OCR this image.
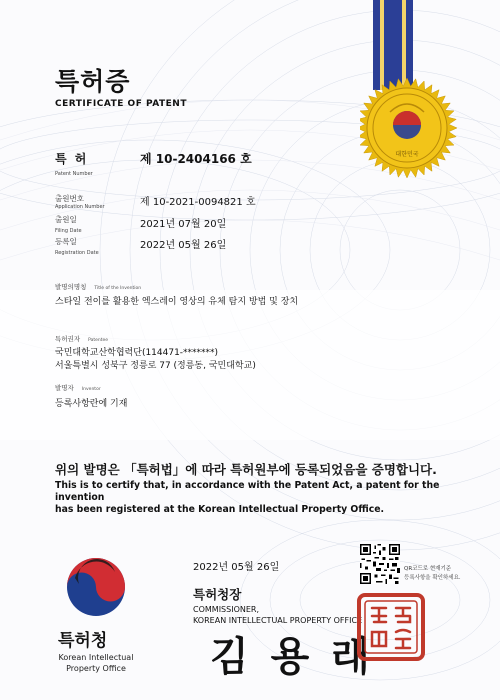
대한민국
특허증
CERTIFICATE OF PATENT
특 허
Patent Number
제 10-2404166 호
출원번호
Application Number	제 10-2021-0094821 호
출원일
Filing Date
2021년 07월 20일
등록일
Registration Date
2022년 05월 26일
발명의명칭 Title of the Invention
스타일 전이를 활용한 엑스레이 영상의 유체 탐지 방법 및 장치
특허권자 Patentee
국민대학교산학협력단(114471-*******)
서울특별시 성북구 정릉로 77 (정릉동, 국민대학교)
발명자 Inventor
등록사항란에 기재
위의 발명은 「특허법」에 따라 특허원부에 등록되었음을 증명합니다.
This is to certify that, in accordance with the Patent Act, a patent for the invention
has been registered at the Korean Intellectual Property Office.
2022년 05월 26일	QR코드로 현재기준
등록사항을 확인하세요.
특허청장
COMMISSIONER,
KOREAN INTELLECTUAL PROPERTY OFFICE
김 용 래
특허청
Korean Intellectual
Property Office
